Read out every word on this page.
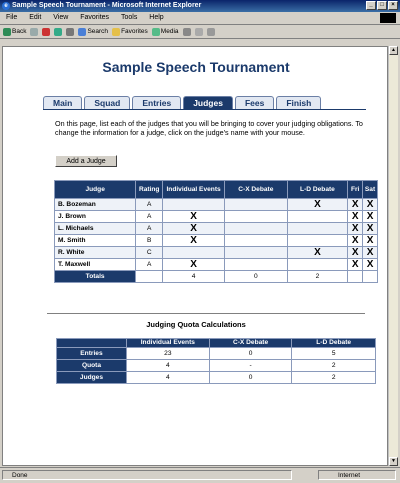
e Sample Speech Tournament - Microsoft Internet Explorer	_	□	×
File Edit View Favorites Tools Help
Back	Search Favorites Media
Sample Speech Tournament
Main	Squad	Entries	Judges	Fees	Finish
On this page, list each of the judges that you will be bringing to cover your judging obligations. To change the information for a judge, click on the judge's name with your mouse.
Add a Judge
Judge	Rating	Individual Events	C-X Debate	L-D Debate	Fri	Sat
B. Bozeman	A			X	X	X
J. Brown	A	X			X	X
L. Michaels	A	X			X	X
M. Smith	B	X			X	X
R. White	C			X	X	X
T. Maxwell	A	X			X	X
Totals		4	0	2		
Judging Quota Calculations
	Individual Events	C-X Debate	L-D Debate
Entries	23	0	5
Quota	4	-	2
Judges	4	0	2
▲
▼
Done	Internet
